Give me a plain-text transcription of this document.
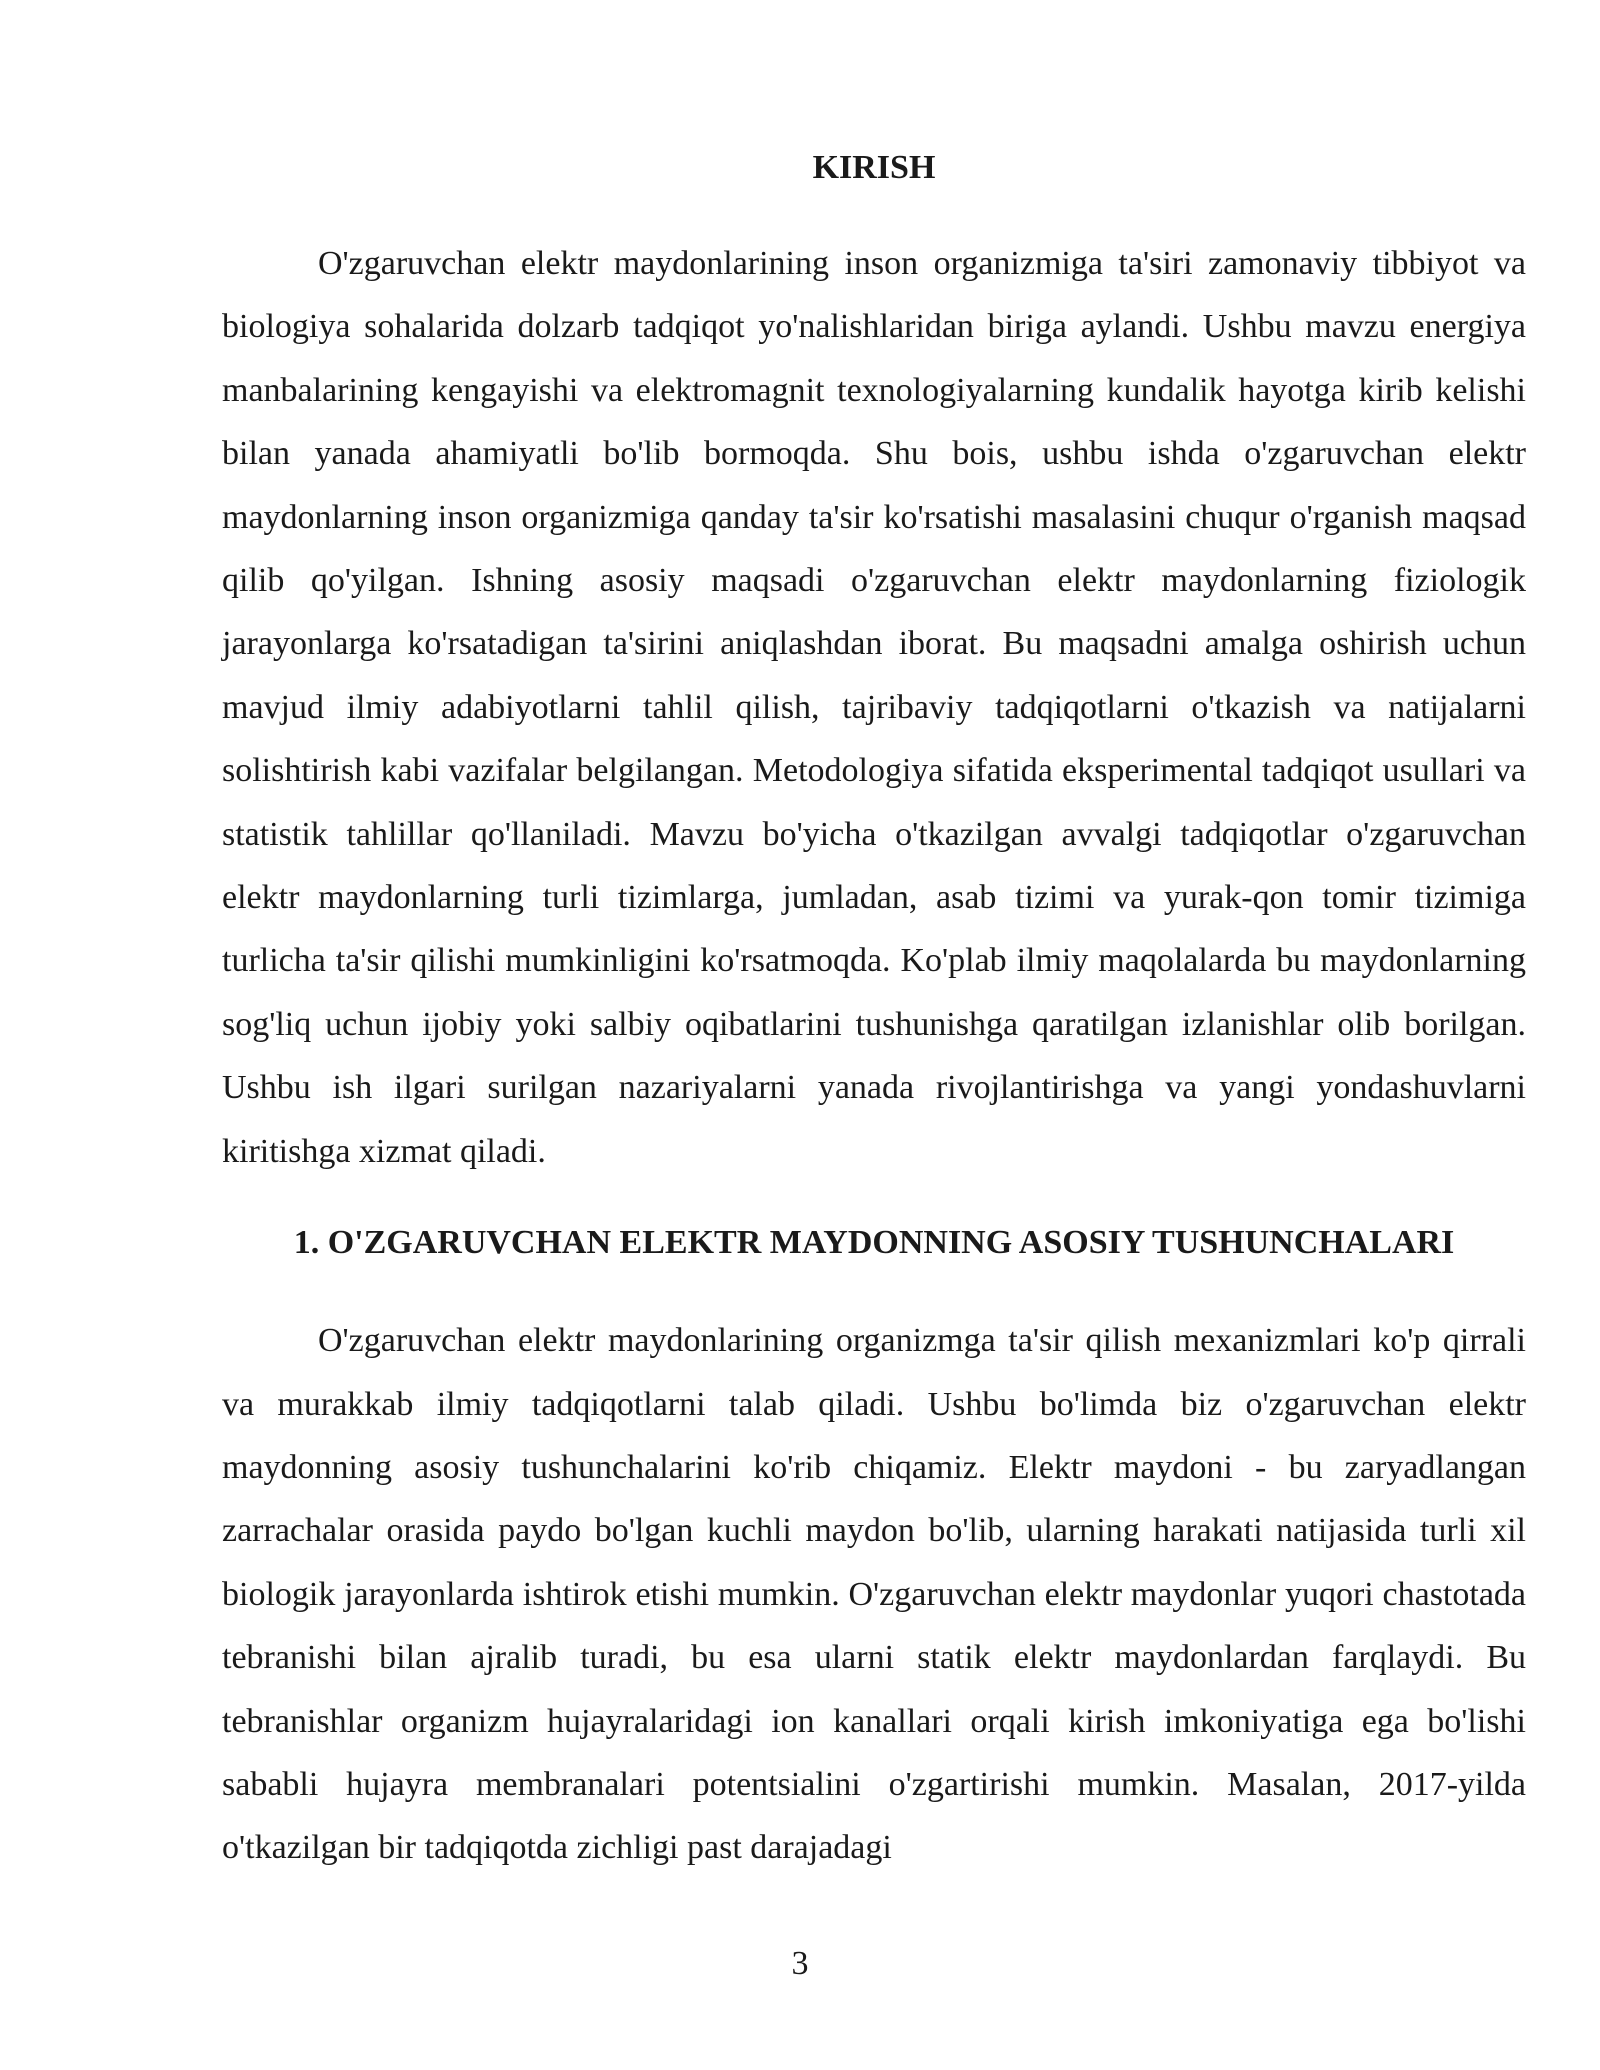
KIRISH

O'zgaruvchan elektr maydonlarining inson organizmiga ta'siri zamonaviy tibbiyot va biologiya sohalarida dolzarb tadqiqot yo'nalishlaridan biriga aylandi. Ushbu mavzu energiya manbalarining kengayishi va elektromagnit texnologiyalarning kundalik hayotga kirib kelishi bilan yanada ahamiyatli bo'lib bormoqda. Shu bois, ushbu ishda o'zgaruvchan elektr maydonlarning inson organizmiga qanday ta'sir ko'rsatishi masalasini chuqur o'rganish maqsad qilib qo'yilgan. Ishning asosiy maqsadi o'zgaruvchan elektr maydonlarning fiziologik jarayonlarga ko'rsatadigan ta'sirini aniqlashdan iborat. Bu maqsadni amalga oshirish uchun mavjud ilmiy adabiyotlarni tahlil qilish, tajribaviy tadqiqotlarni o'tkazish va natijalarni solishtirish kabi vazifalar belgilangan. Metodologiya sifatida eksperimental tadqiqot usullari va statistik tahlillar qo'llaniladi. Mavzu bo'yicha o'tkazilgan avvalgi tadqiqotlar o'zgaruvchan elektr maydonlarning turli tizimlarga, jumladan, asab tizimi va yurak-qon tomir tizimiga turlicha ta'sir qilishi mumkinligini ko'rsatmoqda. Ko'plab ilmiy maqolalarda bu maydonlarning sog'liq uchun ijobiy yoki salbiy oqibatlarini tushunishga qaratilgan izlanishlar olib borilgan. Ushbu ish ilgari surilgan nazariyalarni yanada rivojlantirishga va yangi yondashuvlarni kiritishga xizmat qiladi.

1. O'ZGARUVCHAN ELEKTR MAYDONNING ASOSIY TUSHUNCHALARI

O'zgaruvchan elektr maydonlarining organizmga ta'sir qilish mexanizmlari ko'p qirrali va murakkab ilmiy tadqiqotlarni talab qiladi. Ushbu bo'limda biz o'zgaruvchan elektr maydonning asosiy tushunchalarini ko'rib chiqamiz. Elektr maydoni - bu zaryadlangan zarrachalar orasida paydo bo'lgan kuchli maydon bo'lib, ularning harakati natijasida turli xil biologik jarayonlarda ishtirok etishi mumkin. O'zgaruvchan elektr maydonlar yuqori chastotada tebranishi bilan ajralib turadi, bu esa ularni statik elektr maydonlardan farqlaydi. Bu tebranishlar organizm hujayralaridagi ion kanallari orqali kirish imkoniyatiga ega bo'lishi sababli hujayra membranalari potentsialini o'zgartirishi mumkin. Masalan, 2017-yilda o'tkazilgan bir tadqiqotda zichligi past darajadagi

3
